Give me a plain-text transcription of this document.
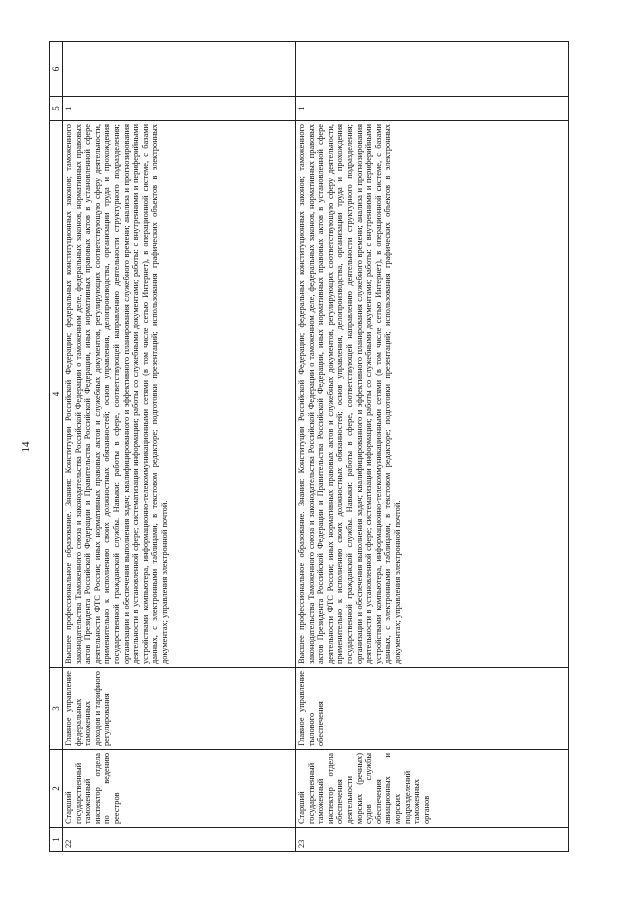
14
1	2	3	4	5	6
22	Старший государственный таможенный инспектор отдела по ведению реестров	Главное управление федеральных таможенных доходов и тарифного регулирования	Высшее профессиональное образование. Знания: Конституции Российской Федерации; федеральных конституционных законов; таможенного законодательства Таможенного союза и законодательства Российской Федерации о таможенном деле, федеральных законов, нормативных правовых актов Президента Российской Федерации и Правительства Российской Федерации, иных нормативных правовых актов в установленной сфере деятельности ФТС России; иных нормативных правовых актов и служебных документов, регулирующих соответствующую сферу деятельности, применительно к исполнению своих должностных обязанностей; основ управления, делопроизводства, организации труда и прохождения государственной гражданской службы. Навыки: работы в сфере, соответствующей направлению деятельности структурного подразделения; организации и обеспечения выполнения задач; квалифицированного и эффективного планирования служебного времени; анализа и прогнозирования деятельности в установленной сфере; систематизации информации; работы со служебными документами; работы: с внутренними и периферийными устройствами компьютера, информационно-телекоммуникационными сетями (в том числе сетью Интернет), в операционной системе, с базами данных, с электронными таблицами, в текстовом редакторе; подготовки презентаций; использования графических объектов в электронных документах; управления электронной почтой.	1	
23	Старший государственный таможенный инспектор отдела обеспечения деятельности морских (речных) судов службы обеспечения авиационных и морских подразделений таможенных органов	Главное управление тылового обеспечения	Высшее профессиональное образование. Знания: Конституции Российской Федерации; федеральных конституционных законов; таможенного законодательства Таможенного союза и законодательства Российской Федерации о таможенном деле, федеральных законов, нормативных правовых актов Президента Российской Федерации и Правительства Российской Федерации, иных нормативных правовых актов в установленной сфере деятельности ФТС России; иных нормативных правовых актов и служебных документов, регулирующих соответствующую сферу деятельности, применительно к исполнению своих должностных обязанностей; основ управления, делопроизводства, организации труда и прохождения государственной гражданской службы. Навыки: работы в сфере, соответствующей направлению деятельности структурного подразделения; организации и обеспечения выполнения задач; квалифицированного и эффективного планирования служебного времени; анализа и прогнозирования деятельности в установленной сфере; систематизации информации; работы со служебными документами; работы: с внутренними и периферийными устройствами компьютера, информационно-телекоммуникационными сетями (в том числе сетью Интернет), в операционной системе, с базами данных, с электронными таблицами, в текстовом редакторе; подготовки презентаций; использования графических объектов в электронных документах; управления электронной почтой.	1	
